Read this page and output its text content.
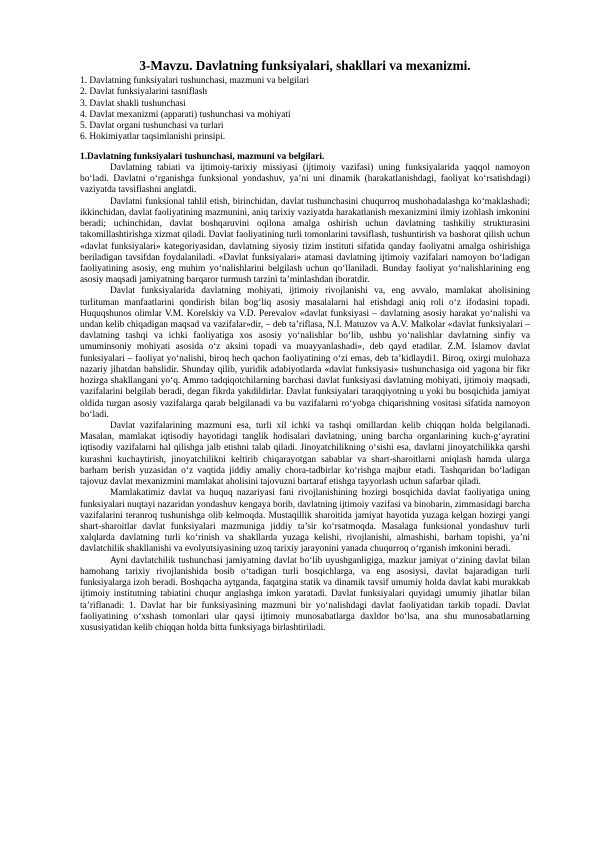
3-Mavzu. Davlatning funksiyalari, shakllari va mexanizmi.
1. Davlatning funksiyalari tushunchasi, mazmuni va belgilari
2. Davlat funksiyalarini tasniflash
3. Davlat shakli tushunchasi
4. Davlat mexanizmi (apparati) tushunchasi va mohiyati
5. Davlat organi tushunchasi va turlari
6. Hokimiyatlar taqsimlanishi prinsipi.

1.Davlatning funksiyalari tushunchasi, mazmuni va belgilari.

Davlatning tabiati va ijtimoiy-tarixiy missiyasi (ijtimoiy vazifasi) uning funksiyalarida yaqqol namoyon bo‘ladi. Davlatni o‘rganishga funksional yondashuv, ya’ni uni dinamik (harakatlanishdagi, faoliyat ko‘rsatishdagi) vaziyatda tavsiflashni anglatdi.

Davlatni funksional tahlil etish, birinchidan, davlat tushunchasini chuqurroq mushohadalashga ko‘maklashadi; ikkinchidan, davlat faoliyatining mazmunini, aniq tarixiy vaziyatda harakatlanish mexanizmini ilmiy izohlash imkonini beradi; uchinchidan, davlat boshqaruvini oqilona amalga oshirish uchun davlatning tashkiliy strukturasini takomillashtirishga xizmat qiladi. Davlat faoliyatining turli tomonlarini tavsiflash, tushuntirish va bashorat qilish uchun «davlat funksiyalari» kategoriyasidan, davlatning siyosiy tizim instituti sifatida qanday faoliyatni amalga oshirishiga beriladigan tavsifdan foydalaniladi. «Davlat funksiyalari» atamasi davlatning ijtimoiy vazifalari namoyon bo‘ladigan faoliyatining asosiy, eng muhim yo‘nalishlarini belgilash uchun qo‘llaniladi. Bunday faoliyat yo‘nalishlarining eng asosiy maqsadi jamiyatning barqaror turmush tarzini ta’minlashdan iboratdir.

Davlat funksiyalarida davlatning mohiyati, ijtimoiy rivojlanishi va, eng avvalo, mamlakat aholisining turlituman manfaatlarini qondirish bilan bog‘liq asosiy masalalarni hal etishdagi aniq roli o‘z ifodasini topadi. Huquqshunos olimlar V.M. Korelskiy va V.D. Perevalov «davlat funksiyasi – davlatning asosiy harakat yo‘nalishi va undan kelib chiqadigan maqsad va vazifalar»dir, – deb ta’riflasa, N.I. Matuzov va A.V. Malkolar «davlat funksiyalari – davlatning tashqi va ichki faoliyatiga xos asosiy yo‘nalishlar bo‘lib, ushbu yo‘nalishlar davlatning sinfiy va umuminsoniy mohiyati asosida o‘z aksini topadi va muayyanlashadi», deb qayd etadilar. Z.M. Islamov davlat funksiyalari – faoliyat yo‘nalishi, biroq hech qachon faoliyatining o‘zi emas, deb ta’kidlaydi1. Biroq, oxirgi mulohaza nazariy jihatdan bahslidir. Shunday qilib, yuridik adabiyotlarda «davlat funksiyasi» tushunchasiga oid yagona bir fikr hozirga shakllangani yo‘q. Ammo tadqiqotchilarning barchasi davlat funksiyasi davlatning mohiyati, ijtimoiy maqsadi, vazifalarini belgilab beradi, degan fikrda yakdildirlar. Davlat funksiyalari taraqqiyotning u yoki bu bosqichida jamiyat oldida turgan asosiy vazifalarga qarab belgilanadi va bu vazifalarni ro‘yobga chiqarishning vositasi sifatida namoyon bo‘ladi.

Davlat vazifalarining mazmuni esa, turli xil ichki va tashqi omillardan kelib chiqqan holda belgilanadi. Masalan, mamlakat iqtisodiy hayotidagi tanglik hodisalari davlatning, uning barcha organlarining kuch-g‘ayratini iqtisodiy vazifalarni hal qilishga jalb etishni talab qiladi. Jinoyatchilikning o‘sishi esa, davlatni jinoyatchilikka qarshi kurashni kuchaytirish, jinoyatchilikni keltirib chiqarayotgan sabablar va shart-sharoitlarni aniqlash hamda ularga barham berish yuzasidan o‘z vaqtida jiddiy amaliy chora-tadbirlar ko‘rishga majbur etadi. Tashqaridan bo‘ladigan tajovuz davlat mexanizmini mamlakat aholisini tajovuzni bartaraf etishga tayyorlash uchun safarbar qiladi.

Mamlakatimiz davlat va huquq nazariyasi fani rivojlanishining hozirgi bosqichida davlat faoliyatiga uning funksiyalari nuqtayi nazaridan yondashuv kengaya borib, davlatning ijtimoiy vazifasi va binobarin, zimmasidagi barcha vazifalarini teranroq tushunishga olib kelmoqda. Mustaqillik sharoitida jamiyat hayotida yuzaga kelgan hozirgi yangi shart-sharoitlar davlat funksiyalari mazmuniga jiddiy ta’sir ko‘rsatmoqda. Masalaga funksional yondashuv turli xalqlarda davlatning turli ko‘rinish va shakllarda yuzaga kelishi, rivojlanishi, almashishi, barham topishi, ya’ni davlatchilik shakllanishi va evolyutsiyasining uzoq tarixiy jarayonini yanada chuqurroq o‘rganish imkonini beradi.

Ayni davlatchilik tushunchasi jamiyatning davlat bo‘lib uyushganligiga, mazkur jamiyat o‘zining davlat bilan hamohang tarixiy rivojlanishida bosib o‘tadigan turli bosqichlarga, va eng asosiysi, davlat bajaradigan turli funksiyalarga izoh beradi. Boshqacha aytganda, faqatgina statik va dinamik tavsif umumiy holda davlat kabi murakkab ijtimoiy institutning tabiatini chuqur anglashga imkon yaratadi. Davlat funksiyalari quyidagi umumiy jihatlar bilan ta’riflanadi: 1. Davlat har bir funksiyasining mazmuni bir yo‘nalishdagi davlat faoliyatidan tarkib topadi. Davlat faoliyatining o‘xshash tomonlari ular qaysi ijtimoiy munosabatlarga daxldor bo‘lsa, ana shu munosabatlarning xususiyatidan kelib chiqqan holda bitta funksiyaga birlashtiriladi.
